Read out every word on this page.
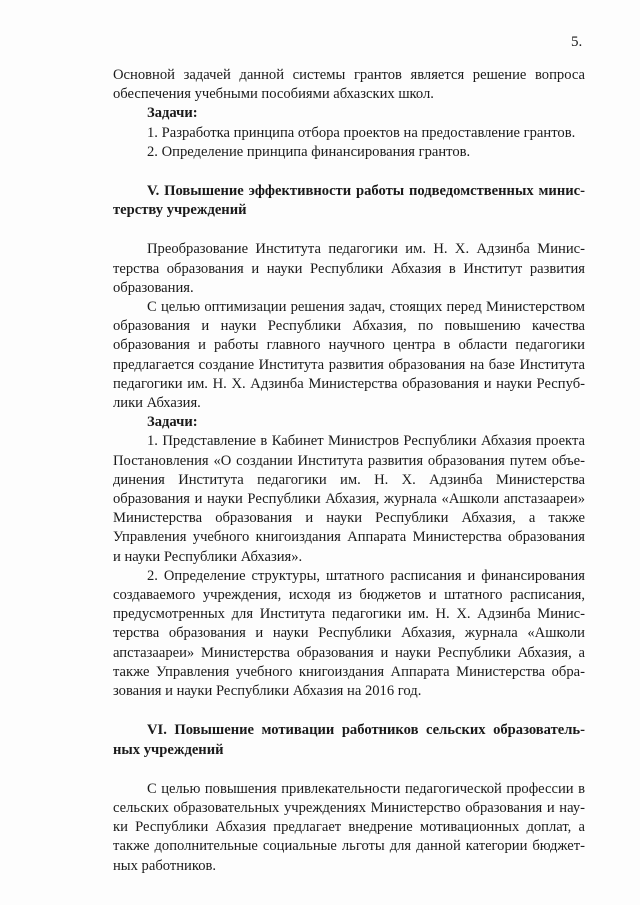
5.
Основной задачей данной системы грантов является решение вопроса
обеспечения учебными пособиями абхазских школ.
Задачи:
1. Разработка принципа отбора проектов на предоставление грантов.
2. Определение принципа финансирования грантов.
V. Повышение эффективности работы подведомственных минис-
терству учреждений
Преобразование Института педагогики им. Н. Х. Адзинба Минис-
терства образования и науки Республики Абхазия в Институт развития
образования.
С целью оптимизации решения задач, стоящих перед Министерством
образования и науки Республики Абхазия, по повышению качества
образования и работы главного научного центра в области педагогики
предлагается создание Института развития образования на базе Института
педагогики им. Н. Х. Адзинба Министерства образования и науки Респуб-
лики Абхазия.
Задачи:
1. Представление в Кабинет Министров Республики Абхазия проекта
Постановления «О создании Института развития образования путем объе-
динения Института педагогики им. Н. Х. Адзинба Министерства
образования и науки Республики Абхазия, журнала «Ашколи апстазаареи»
Министерства образования и науки Республики Абхазия, а также
Управления учебного книгоиздания Аппарата Министерства образования
и науки Республики Абхазия».
2. Определение структуры, штатного расписания и финансирования
создаваемого учреждения, исходя из бюджетов и штатного расписания,
предусмотренных для Института педагогики им. Н. Х. Адзинба Минис-
терства образования и науки Республики Абхазия, журнала «Ашколи
апстазаареи» Министерства образования и науки Республики Абхазия, а
также Управления учебного книгоиздания Аппарата Министерства обра-
зования и науки Республики Абхазия на 2016 год.
VI. Повышение мотивации работников сельских образователь-
ных учреждений
С целью повышения привлекательности педагогической профессии в
сельских образовательных учреждениях Министерство образования и нау-
ки Республики Абхазия предлагает внедрение мотивационных доплат, а
также дополнительные социальные льготы для данной категории бюджет-
ных работников.
